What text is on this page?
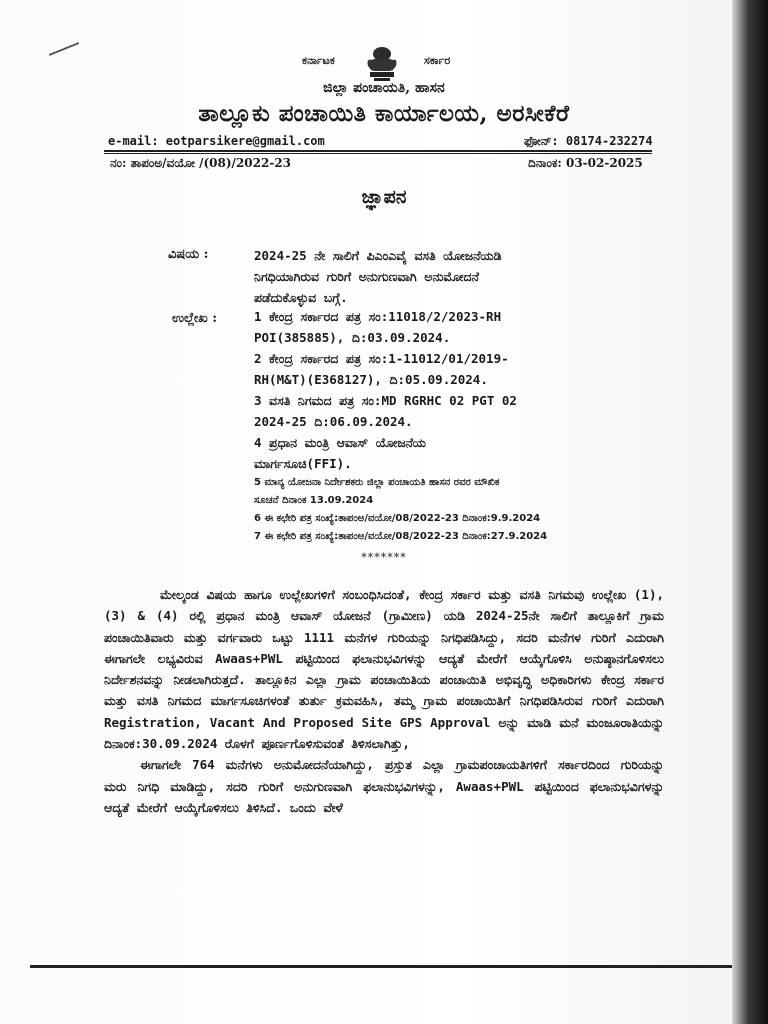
ಕರ್ನಾಟಕ	ಸರ್ಕಾರ
ಜಿಲ್ಲಾ ಪಂಚಾಯತಿ, ಹಾಸನ
ತಾಲ್ಲೂಕು ಪಂಚಾಯಿತಿ ಕಾರ್ಯಾಲಯ, ಅರಸೀಕೆರೆ
e-mail: eotparsikere@gmail.com	ಫೋನ್: 08174-232274
ನಂ: ತಾಪಂಅ/ವಯೋ /(08)/2022-23	ದಿನಾಂಕ: 03-02-2025
ಜ್ಞಾಪನ
ವಿಷಯ :	2024-25 ನೇ ಸಾಲಿಗೆ ಪಿಎಂಎವೈ ವಸತಿ ಯೋಜನೆಯಡಿ
ನಿಗಧಿಯಾಗಿರುವ ಗುರಿಗೆ ಅನುಗುಣವಾಗಿ ಅನುಮೋದನೆ
ಪಡೆದುಕೊಳ್ಳುವ ಬಗ್ಗೆ.
ಉಲ್ಲೇಖ :	1 ಕೇಂದ್ರ ಸರ್ಕಾರದ ಪತ್ರ ಸಂ:11018/2/2023-RH
POI(385885), ದಿ:03.09.2024.
2 ಕೇಂದ್ರ ಸರ್ಕಾರದ ಪತ್ರ ಸಂ:1-11012/01/2019-
RH(M&T)(E368127), ದಿ:05.09.2024.
3 ವಸತಿ ನಿಗಮದ ಪತ್ರ ಸಂ:MD RGRHC 02 PGT 02
2024-25 ದಿ:06.09.2024.
4 ಪ್ರಧಾನ ಮಂತ್ರಿ ಆವಾಸ್ ಯೋಜನೆಯ
ಮಾರ್ಗಸೂಚಿ(FFI).
5 ಮಾನ್ಯ ಯೋಜನಾ ನಿರ್ದೇಶಕರು ಜಿಲ್ಲಾ ಪಂಚಾಯತಿ ಹಾಸನ ರವರ ಮೌಖಿಕ
ಸೂಚನೆ ದಿನಾಂಕ 13.09.2024
6 ಈ ಕಛೇರಿ ಪತ್ರ ಸಂಖ್ಯೆ:ತಾಪಂಅ/ವಯೋ/08/2022-23 ದಿನಾಂಕ:9.9.2024
7 ಈ ಕಛೇರಿ ಪತ್ರ ಸಂಖ್ಯೆ:ತಾಪಂಅ/ವಯೋ/08/2022-23 ದಿನಾಂಕ:27.9.2024
*******

ಮೇಲ್ಕಂಡ ವಿಷಯ ಹಾಗೂ ಉಲ್ಲೇಖಗಳಿಗೆ ಸಂಬಂಧಿಸಿದಂತೆ, ಕೇಂದ್ರ ಸರ್ಕಾರ ಮತ್ತು ವಸತಿ ನಿಗಮವು ಉಲ್ಲೇಖ (1), (3) & (4) ರಲ್ಲಿ ಪ್ರಧಾನ ಮಂತ್ರಿ ಆವಾಸ್ ಯೋಜನೆ (ಗ್ರಾಮೀಣ) ಯಡಿ 2024-25ನೇ ಸಾಲಿಗೆ ತಾಲ್ಲೂಕಿಗೆ ಗ್ರಾಮ ಪಂಚಾಯಿತಿವಾರು ಮತ್ತು ವರ್ಗವಾರು ಒಟ್ಟು 1111 ಮನೆಗಳ ಗುರಿಯನ್ನು ನಿಗಧಿಪಡಿಸಿದ್ದು, ಸದರಿ ಮನೆಗಳ ಗುರಿಗೆ ಎದುರಾಗಿ ಈಗಾಗಲೇ ಲಭ್ಯವಿರುವ Awaas+PWL ಪಟ್ಟಿಯಿಂದ ಫಲಾನುಭವಿಗಳನ್ನು ಆದ್ಯತೆ ಮೇರೆಗೆ ಆಯ್ಕೆಗೊಳಿಸಿ ಅನುಷ್ಠಾನಗೊಳಿಸಲು ನಿರ್ದೇಶನವನ್ನು ನೀಡಲಾಗಿರುತ್ತದೆ. ತಾಲ್ಲೂಕಿನ ಎಲ್ಲಾ ಗ್ರಾಮ ಪಂಚಾಯಿತಿಯ ಪಂಚಾಯಿತಿ ಅಭಿವೃದ್ಧಿ ಅಧಿಕಾರಿಗಳು ಕೇಂದ್ರ ಸರ್ಕಾರ ಮತ್ತು ವಸತಿ ನಿಗಮದ ಮಾರ್ಗಸೂಚಿಗಳಂತೆ ತುರ್ತು ಕ್ರಮವಹಿಸಿ, ತಮ್ಮ ಗ್ರಾಮ ಪಂಚಾಯಿತಿಗೆ ನಿಗಧಿಪಡಿಸಿರುವ ಗುರಿಗೆ ಎದುರಾಗಿ Registration, Vacant And Proposed Site GPS Approval ಅನ್ನು ಮಾಡಿ ಮನೆ ಮಂಜೂರಾತಿಯನ್ನು ದಿನಾಂಕ:30.09.2024 ರೊಳಗೆ ಪೂರ್ಣಗೊಳಿಸುವಂತೆ ತಿಳಿಸಲಾಗಿತ್ತು,

ಈಗಾಗಲೇ 764 ಮನೆಗಳು ಅನುಮೋದನೆಯಾಗಿದ್ದು, ಪ್ರಸ್ತುತ ಎಲ್ಲಾ ಗ್ರಾಮಪಂಚಾಯತಿಗಳಿಗೆ ಸರ್ಕಾರದಿಂದ ಗುರಿಯನ್ನು ಮರು ನಿಗಧಿ ಮಾಡಿದ್ದು, ಸದರಿ ಗುರಿಗೆ ಅನುಗುಣವಾಗಿ ಫಲಾನುಭವಿಗಳನ್ನು, Awaas+PWL ಪಟ್ಟಿಯಿಂದ ಫಲಾನುಭವಿಗಳನ್ನು ಆದ್ಯತೆ ಮೇರೆಗೆ ಆಯ್ಕೆಗೊಳಿಸಲು ತಿಳಿಸಿದೆ. ಒಂದು ವೇಳೆ
